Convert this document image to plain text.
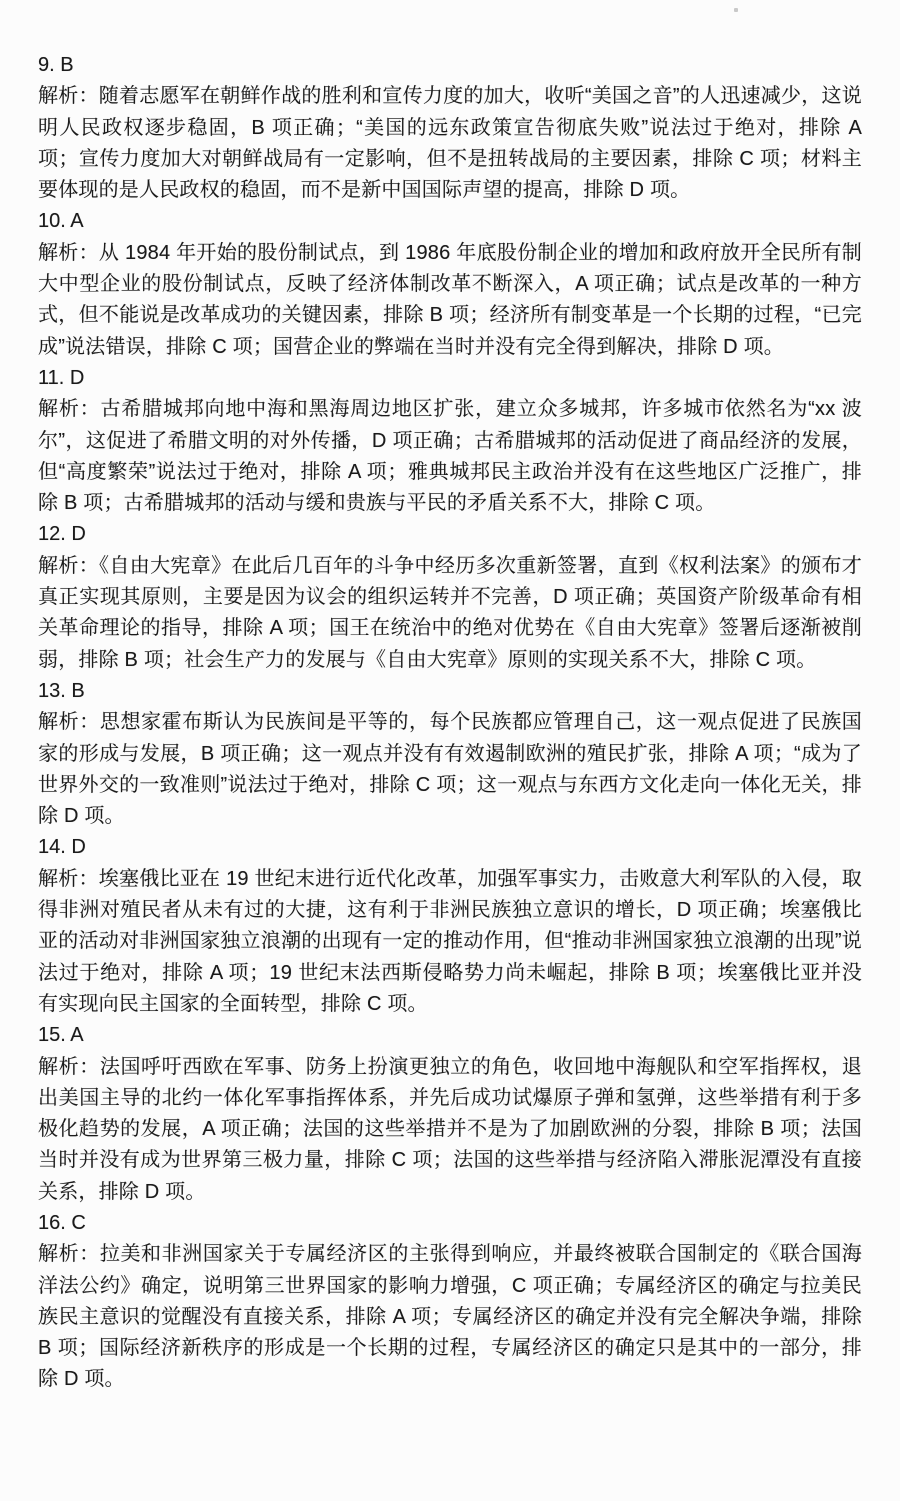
9. B

解析：随着志愿军在朝鲜作战的胜利和宣传力度的加大，收听“美国之音”的人迅速减少，这说明人民政权逐步稳固，B 项正确；“美国的远东政策宣告彻底失败”说法过于绝对，排除 A 项；宣传力度加大对朝鲜战局有一定影响，但不是扭转战局的主要因素，排除 C 项；材料主要体现的是人民政权的稳固，而不是新中国国际声望的提高，排除 D 项。

10. A

解析：从 1984 年开始的股份制试点，到 1986 年底股份制企业的增加和政府放开全民所有制大中型企业的股份制试点，反映了经济体制改革不断深入，A 项正确；试点是改革的一种方式，但不能说是改革成功的关键因素，排除 B 项；经济所有制变革是一个长期的过程，“已完成”说法错误，排除 C 项；国营企业的弊端在当时并没有完全得到解决，排除 D 项。

11. D

解析：古希腊城邦向地中海和黑海周边地区扩张，建立众多城邦，许多城市依然名为“xx 波尔”，这促进了希腊文明的对外传播，D 项正确；古希腊城邦的活动促进了商品经济的发展，但“高度繁荣”说法过于绝对，排除 A 项；雅典城邦民主政治并没有在这些地区广泛推广，排除 B 项；古希腊城邦的活动与缓和贵族与平民的矛盾关系不大，排除 C 项。

12. D

解析：《自由大宪章》在此后几百年的斗争中经历多次重新签署，直到《权利法案》的颁布才真正实现其原则，主要是因为议会的组织运转并不完善，D 项正确；英国资产阶级革命有相关革命理论的指导，排除 A 项；国王在统治中的绝对优势在《自由大宪章》签署后逐渐被削弱，排除 B 项；社会生产力的发展与《自由大宪章》原则的实现关系不大，排除 C 项。

13. B

解析：思想家霍布斯认为民族间是平等的，每个民族都应管理自己，这一观点促进了民族国家的形成与发展，B 项正确；这一观点并没有有效遏制欧洲的殖民扩张，排除 A 项；“成为了世界外交的一致准则”说法过于绝对，排除 C 项；这一观点与东西方文化走向一体化无关，排除 D 项。

14. D

解析：埃塞俄比亚在 19 世纪末进行近代化改革，加强军事实力，击败意大利军队的入侵，取得非洲对殖民者从未有过的大捷，这有利于非洲民族独立意识的增长，D 项正确；埃塞俄比亚的活动对非洲国家独立浪潮的出现有一定的推动作用，但“推动非洲国家独立浪潮的出现”说法过于绝对，排除 A 项；19 世纪末法西斯侵略势力尚未崛起，排除 B 项；埃塞俄比亚并没有实现向民主国家的全面转型，排除 C 项。

15. A

解析：法国呼吁西欧在军事、防务上扮演更独立的角色，收回地中海舰队和空军指挥权，退出美国主导的北约一体化军事指挥体系，并先后成功试爆原子弹和氢弹，这些举措有利于多极化趋势的发展，A 项正确；法国的这些举措并不是为了加剧欧洲的分裂，排除 B 项；法国当时并没有成为世界第三极力量，排除 C 项；法国的这些举措与经济陷入滞胀泥潭没有直接关系，排除 D 项。

16. C

解析：拉美和非洲国家关于专属经济区的主张得到响应，并最终被联合国制定的《联合国海洋法公约》确定，说明第三世界国家的影响力增强，C 项正确；专属经济区的确定与拉美民族民主意识的觉醒没有直接关系，排除 A 项；专属经济区的确定并没有完全解决争端，排除 B 项；国际经济新秩序的形成是一个长期的过程，专属经济区的确定只是其中的一部分，排除 D 项。
